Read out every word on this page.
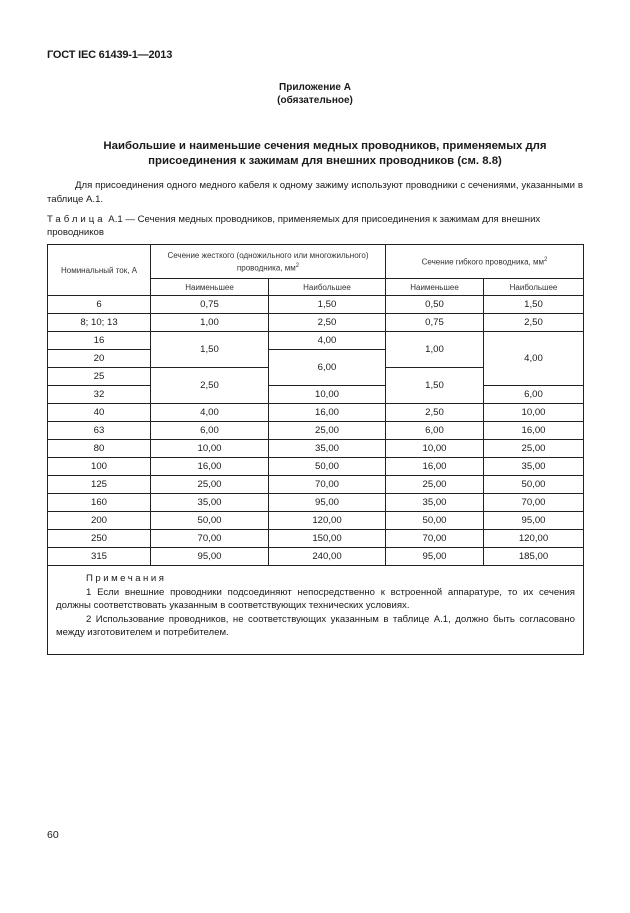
ГОСТ IEC 61439-1—2013
Приложение А
(обязательное)
Наибольшие и наименьшие сечения медных проводников, применяемых для присоединения к зажимам для внешних проводников (см. 8.8)
Для присоединения одного медного кабеля к одному зажиму используют проводники с сечениями, указанными в таблице А.1.
Таблица А.1 — Сечения медных проводников, применяемых для присоединения к зажимам для внешних проводников
Номинальный ток, А	Сечение жесткого (одножильного или многожильного) проводника, $мм^2$		Сечение гибкого проводника, $мм^2$
	Наименьшее	Наибольшее	Наименьшее	Наибольшее
6	0,75	1,50	0,50	1,50
8; 10; 13	1,00	2,50	0,75	2,50
16	1,50	4,00	1,00	4,00
20		6,00		
25	2,50		1,50	
32		10,00		6,00
40	4,00	16,00	2,50	10,00
63	6,00	25,00	6,00	16,00
80	10,00	35,00	10,00	25,00
100	16,00	50,00	16,00	35,00
125	25,00	70,00	25,00	50,00
160	35,00	95,00	35,00	70,00
200	50,00	120,00	50,00	95,00
250	70,00	150,00	70,00	120,00
315	95,00	240,00	95,00	185,00

Примечания
1 Если внешние проводники подсоединяют непосредственно к встроенной аппаратуре, то их сечения должны соответствовать указанным в соответствующих технических условиях.
2 Использование проводников, не соответствующих указанным в таблице А.1, должно быть согласовано между изготовителем и потребителем.				
60
